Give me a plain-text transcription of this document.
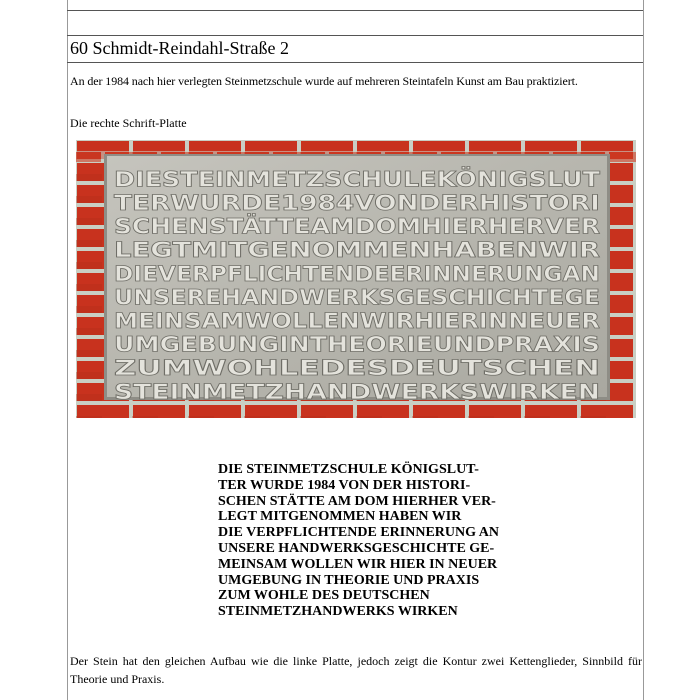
60 Schmidt-Reindahl-Straße 2
An der 1984 nach hier verlegten Steinmetzschule wurde auf mehreren Steintafeln Kunst am Bau praktiziert.
Die rechte Schrift-Platte
DIESTEINMETZSCHULEKÖNIGSLUT
TERWURDE1984VONDERHISTORI
SCHENSTÄTTEAMDOMHIERHERVER
LEGTMITGENOMMENHABENWIR
DIEVERPFLICHTENDEERINNERUNGAN
UNSEREHANDWERKSGESCHICHTEGE
MEINSAMWOLLENWIRHIERINNEUER
UMGEBUNGINTHEORIEUNDPRAXIS
ZUMWOHLEDESDEUTSCHEN
STEINMETZHANDWERKSWIRKEN
DIE STEINMETZSCHULE KÖNIGSLUT-
TER WURDE 1984 VON DER HISTORI-
SCHEN STÄTTE AM DOM HIERHER VER-
LEGT MITGENOMMEN HABEN WIR
DIE VERPFLICHTENDE ERINNERUNG AN
UNSERE HANDWERKSGESCHICHTE GE-
MEINSAM WOLLEN WIR HIER IN NEUER
UMGEBUNG IN THEORIE UND PRAXIS
ZUM WOHLE DES DEUTSCHEN
STEINMETZHANDWERKS WIRKEN
Der Stein hat den gleichen Aufbau wie die linke Platte, jedoch zeigt die Kontur zwei Kettenglieder, Sinnbild für Theorie und Praxis.
